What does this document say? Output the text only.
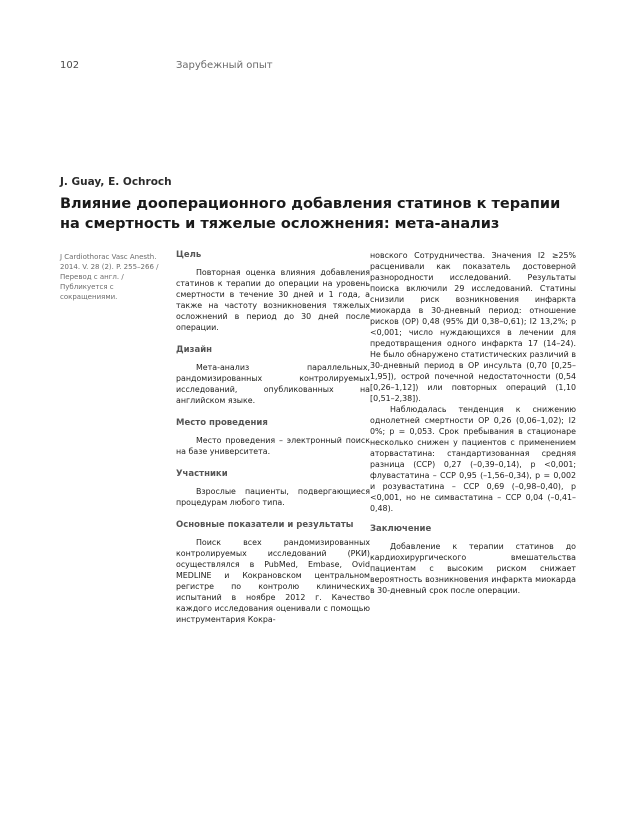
102	Зарубежный опыт
J. Guay, E. Ochroch
Влияние дооперационного добавления статинов к терапии на смертность и тяжелые осложнения: мета-анализ
J Cardiothorac Vasc Anesth. 2014. V. 28 (2). P. 255–266 / Перевод с англ. / Публикуется с сокращениями.
Цель

Повторная оценка влияния добавления статинов к терапии до операции на уровень смертности в течение 30 дней и 1 года, а также на частоту возникновения тяжелых осложнений в период до 30 дней после операции.

Дизайн

Мета-анализ параллельных, рандомизированных контролируемых исследований, опубликованных на английском языке.

Место проведения

Место проведения – электронный поиск на базе университета.

Участники

Взрослые пациенты, подвергающиеся процедурам любого типа.

Основные показатели и результаты

Поиск всех рандомизированных контролируемых исследований (РКИ) осуществлялся в PubMed, Embase, Ovid MEDLINE и Кокрановском центральном регистре по контролю клинических испытаний в ноябре 2012 г. Качество каждого исследования оценивали с помощью инструментария Кокра-

новского Сотрудничества. Значения I2 ≥25% расценивали как показатель достоверной разнородности исследований. Результаты поиска включили 29 исследований. Статины снизили риск возникновения инфаркта миокарда в 30-дневный период: отношение рисков (ОР) 0,48 (95% ДИ 0,38–0,61); I2 13,2%; p <0,001; число нуждающихся в лечении для предотвращения одного инфаркта 17 (14–24). Не было обнаружено статистических различий в 30-дневный период в ОР инсульта (0,70 [0,25–1,95]), острой почечной недостаточности (0,54 [0,26–1,12]) или повторных операций (1,10 [0,51–2,38]).

Наблюдалась тенденция к снижению однолетней смертности ОР 0,26 (0,06–1,02); I2 0%; p = 0,053. Срок пребывания в стационаре несколько снижен у пациентов с применением аторвастатина: стандартизованная средняя разница (ССР) 0,27 (–0,39–0,14), p <0,001; флувастатина – ССР 0,95 (–1,56–0,34), p = 0,002 и розувастатина – ССР 0,69 (–0,98–0,40), p <0,001, но не симвастатина – ССР 0,04 (–0,41–0,48).

Заключение

Добавление к терапии статинов до кардиохирургического вмешательства пациентам с высоким риском снижает вероятность возникновения инфаркта миокарда в 30-дневный срок после операции.
